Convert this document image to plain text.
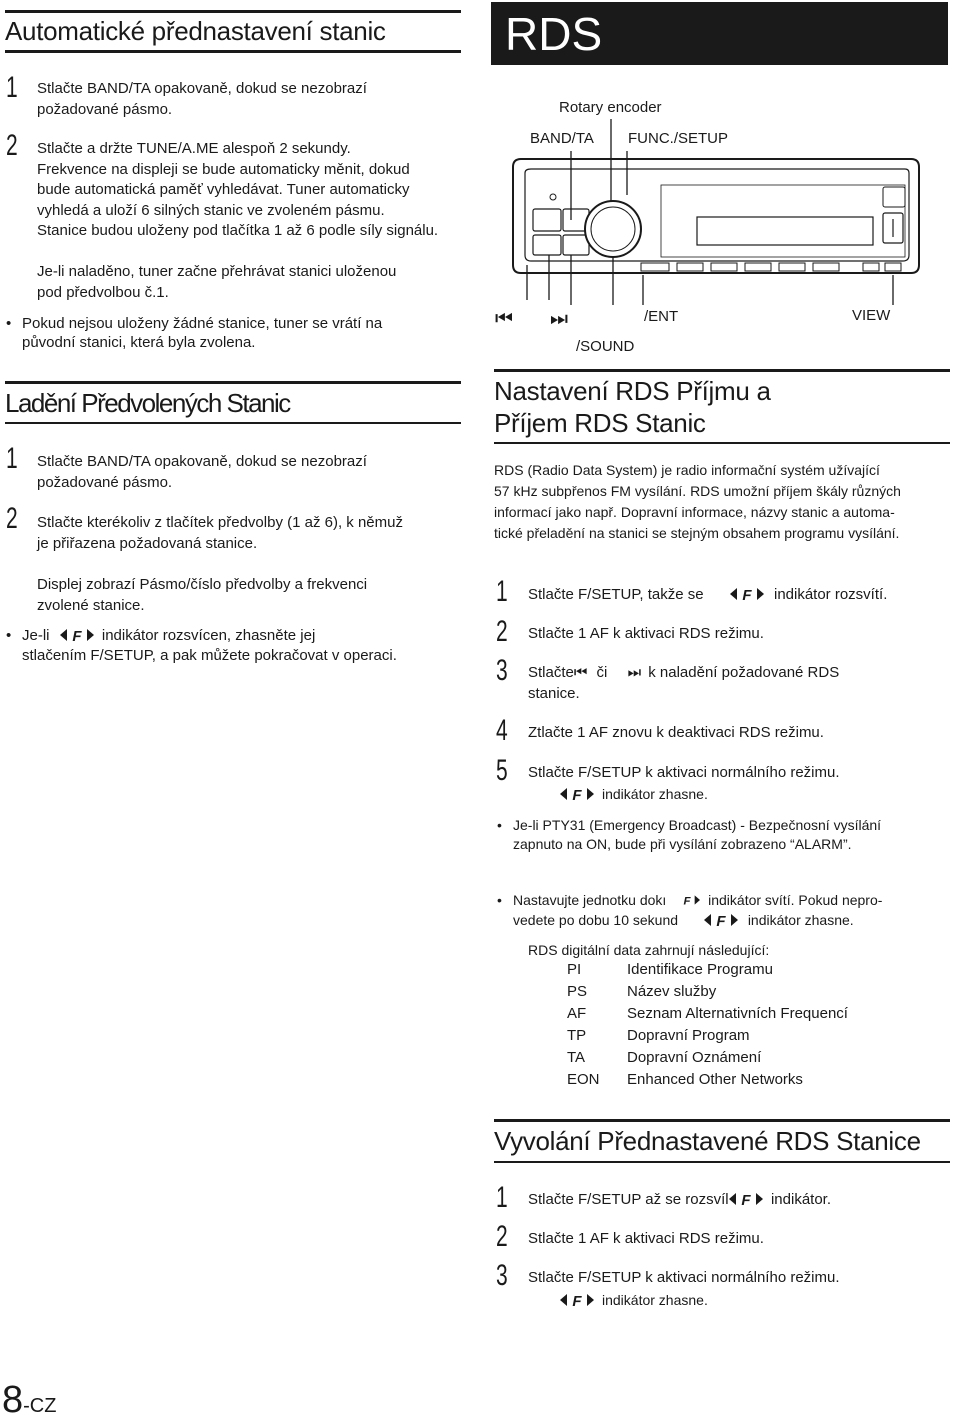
Automatické přednastavení stanic
1 Stlačte BAND/TA opakovaně, dokud se nezobrazí
požadované pásmo.
2 Stlačte a držte TUNE/A.ME alespoň 2 sekundy.
Frekvence na displeji se bude automaticky měnit, dokud
bude automatická paměť vyhledávat. Tuner automaticky
vyhledá a uloží 6 silných stanic ve zvoleném pásmu.
Stanice budou uloženy pod tlačítka 1 až 6 podle síly signálu.
Je-li naladěno, tuner začne přehrávat stanici uloženou
pod předvolbou č.1.
• Pokud nejsou uloženy žádné stanice, tuner se vrátí na
původní stanici, která byla zvolena.
Ladění Předvolených Stanic
1 Stlačte BAND/TA opakovaně, dokud se nezobrazí
požadované pásmo.
2 Stlačte kterékoliv z tlačítek předvolby (1 až 6), k němuž
je přiřazena požadovaná stanice.
Displej zobrazí Pásmo/číslo předvolby a frekvenci
zvolené stanice.
• Je-li F indikátor rozsvícen, zhasněte jej
stlačením F/SETUP, a pak můžete pokračovat v operaci.
RDS
Rotary encoder
BAND/TA FUNC./SETUP
⏮ ⏭	/ENT
/SOUND
VIEW
Nastavení RDS Příjmu a
Příjem RDS Stanic
RDS (Radio Data System) je radio informační systém užívající
57 kHz subpřenos FM vysílání. RDS umožní příjem škály různých
informací jako např. Dopravní informace, názvy stanic a automa-
tické přeladění na stanici se stejným obsahem programu vysílání.
1 Stlačte F/SETUP, takže se	F indikátor rozsvítí.
2 Stlačte 1 AF k aktivaci RDS režimu.
3 Stlačte⏮ či ⏭ k naladění požadované RDS
stanice.
4 Ztlačte 1 AF znovu k deaktivaci RDS režimu.
5 Stlačte F/SETUP k aktivaci normálního režimu.
F indikátor zhasne.
• Je-li PTY31 (Emergency Broadcast) - Bezpečnosní vysílání
zapnuto na ON, bude při vysílání zobrazeno “ALARM”.
• Nastavujte jednotku dokı F indikátor svítí. Pokud nepro-
vedete po dobu 10 sekund	F indikátor zhasne.
RDS digitální data zahrnují následující:
PI	Identifikace Programu
PS	Název služby
AF	Seznam Alternativních Frequencí
TP	Dopravní Program
TA	Dopravní Oznámení
EON	Enhanced Other Networks
Vyvolání Přednastavené RDS Stanice
1 Stlačte F/SETUP až se rozsvíl F indikátor.
2 Stlačte 1 AF k aktivaci RDS režimu.
3 Stlačte F/SETUP k aktivaci normálního režimu.
F indikátor zhasne.
8-CZ
